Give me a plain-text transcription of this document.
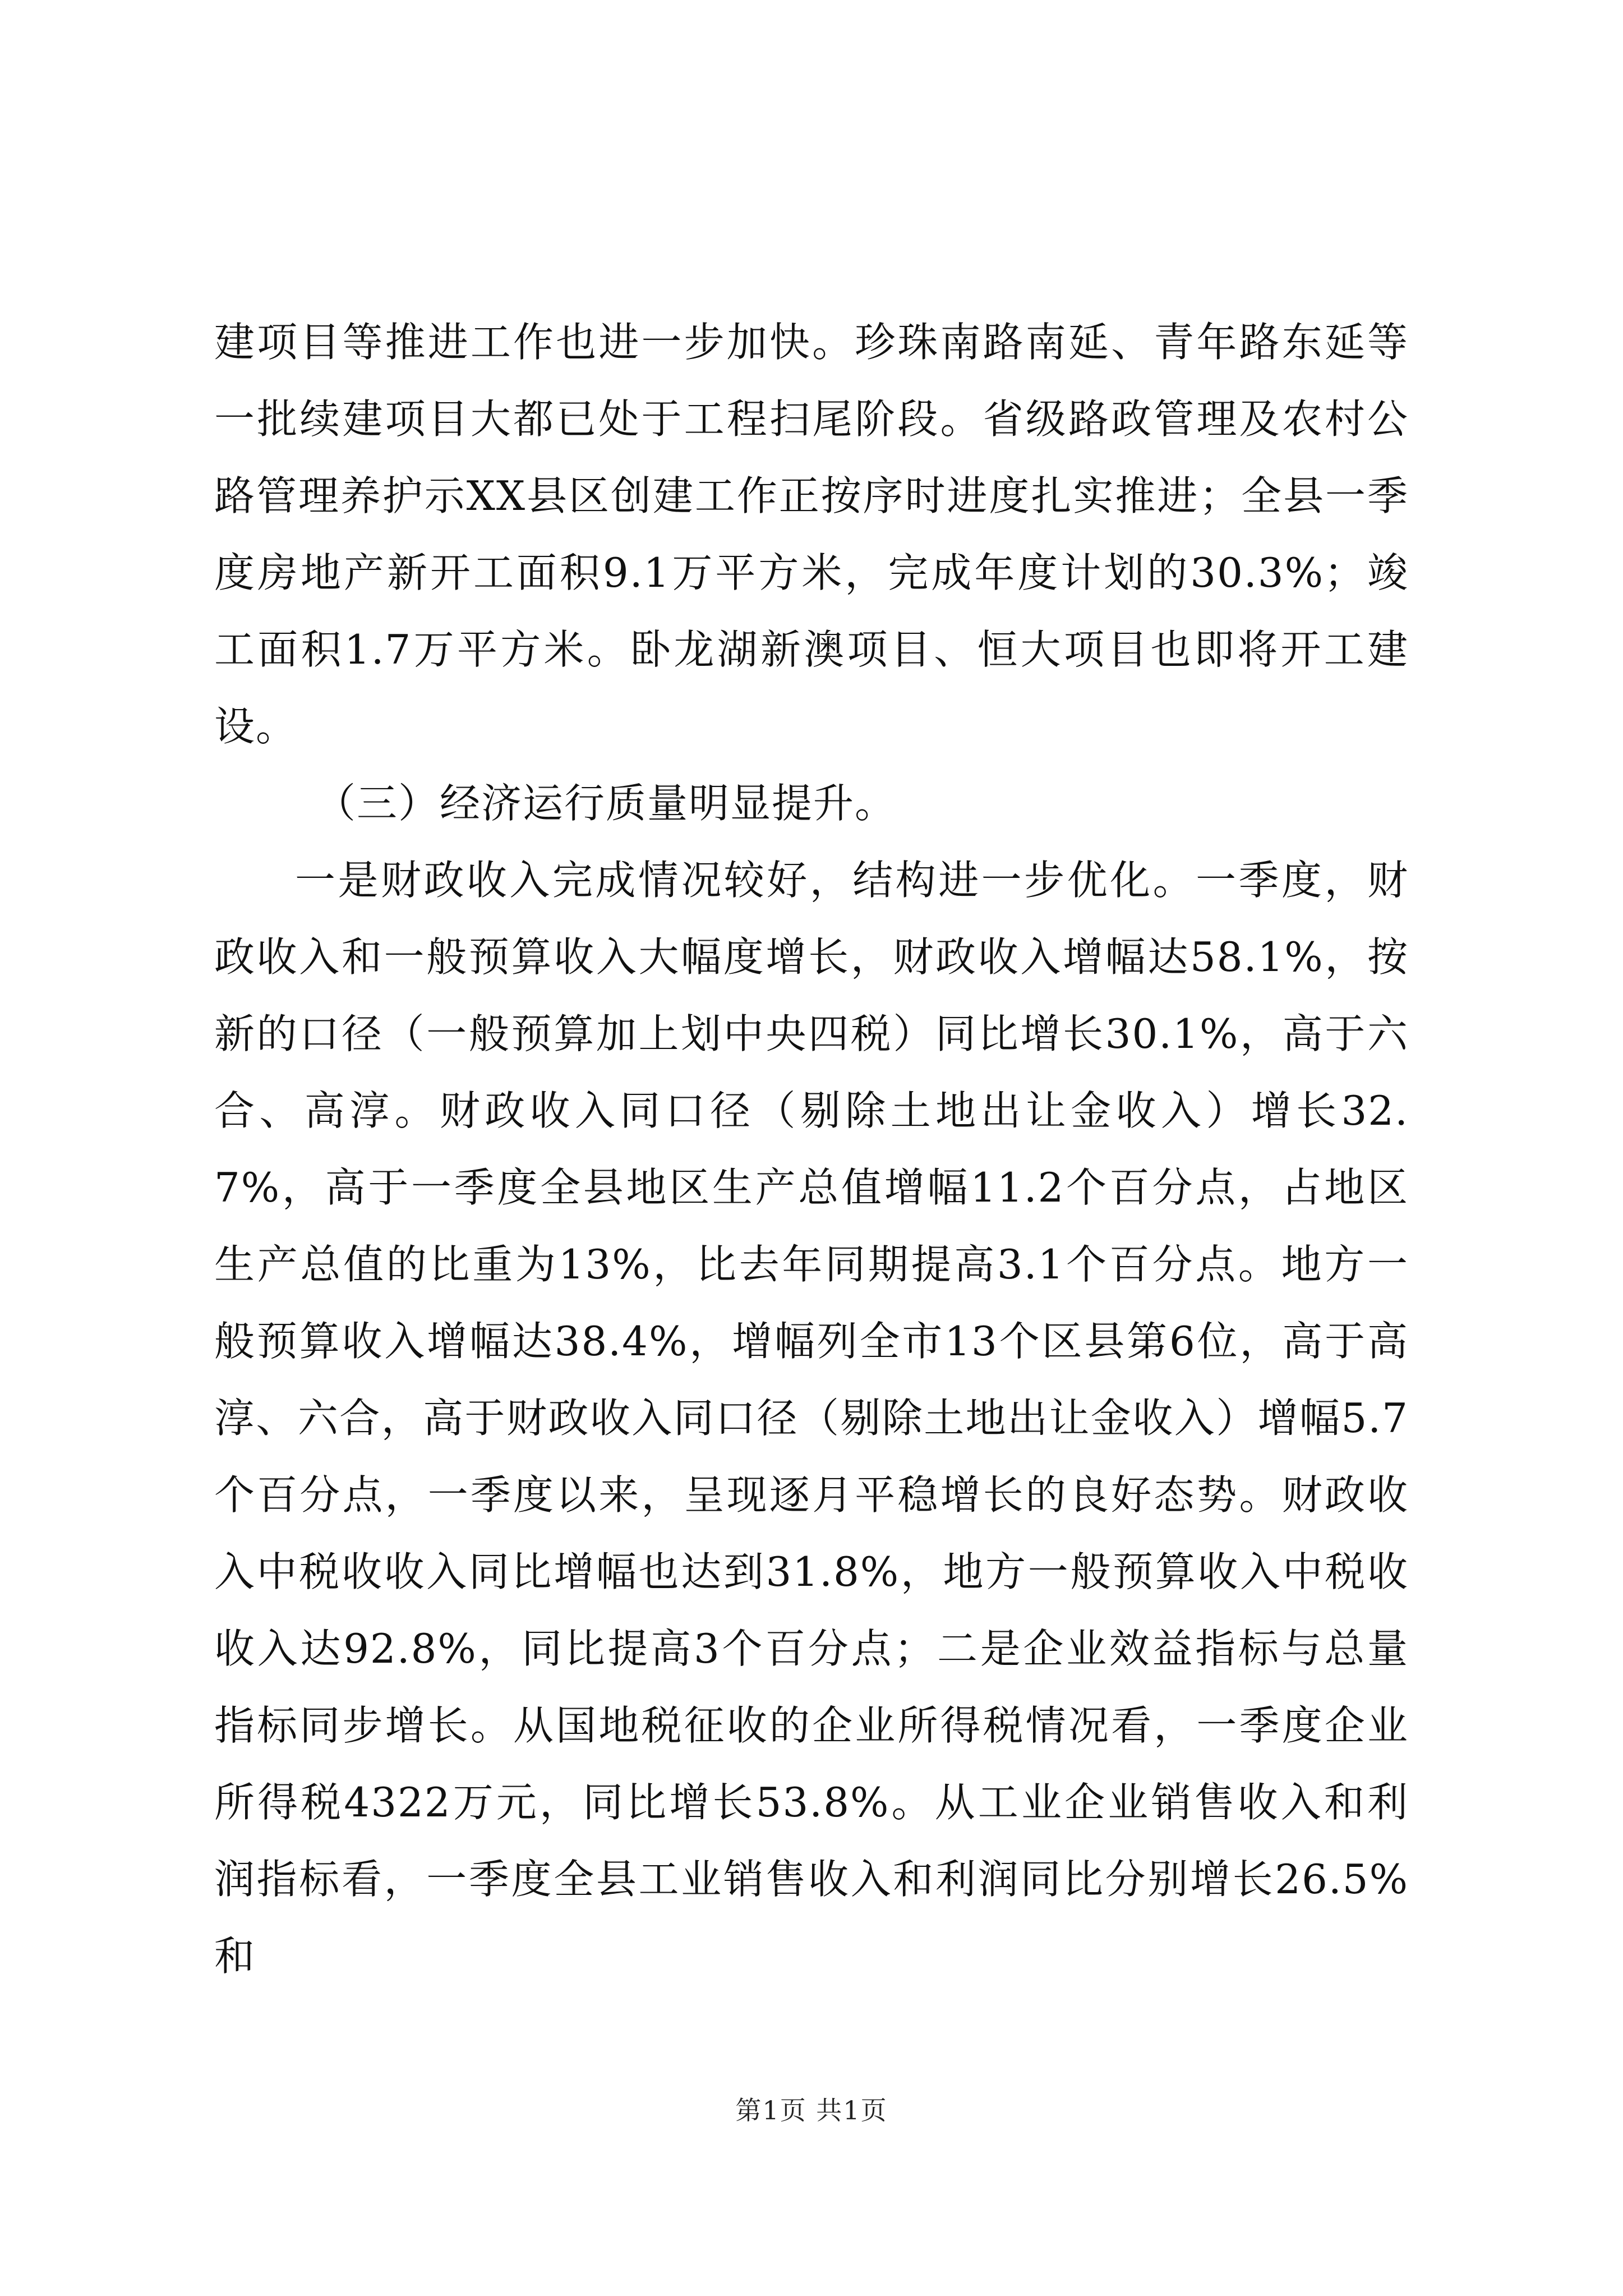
建项目等推进工作也进一步加快。珍珠南路南延、青年路东延等一批续建项目大都已处于工程扫尾阶段。省级路政管理及农村公路管理养护示XX县区创建工作正按序时进度扎实推进；全县一季度房地产新开工面积9.1万平方米，完成年度计划的30.3%；竣工面积1.7万平方米。卧龙湖新澳项目、恒大项目也即将开工建设。

（三）经济运行质量明显提升。

一是财政收入完成情况较好，结构进一步优化。一季度，财政收入和一般预算收入大幅度增长，财政收入增幅达58.1%，按新的口径（一般预算加上划中央四税）同比增长30.1%，高于六合、高淳。财政收入同口径（剔除土地出让金收入）增长32.7%，高于一季度全县地区生产总值增幅11.2个百分点，占地区生产总值的比重为13%，比去年同期提高3.1个百分点。地方一般预算收入增幅达38.4%，增幅列全市13个区县第6位，高于高淳、六合，高于财政收入同口径（剔除土地出让金收入）增幅5.7个百分点，一季度以来，呈现逐月平稳增长的良好态势。财政收入中税收收入同比增幅也达到31.8%，地方一般预算收入中税收收入达92.8%，同比提高3个百分点；二是企业效益指标与总量指标同步增长。从国地税征收的企业所得税情况看，一季度企业所得税4322万元，同比增长53.8%。从工业企业销售收入和利润指标看，一季度全县工业销售收入和利润同比分别增长26.5%和

第1页 共1页
